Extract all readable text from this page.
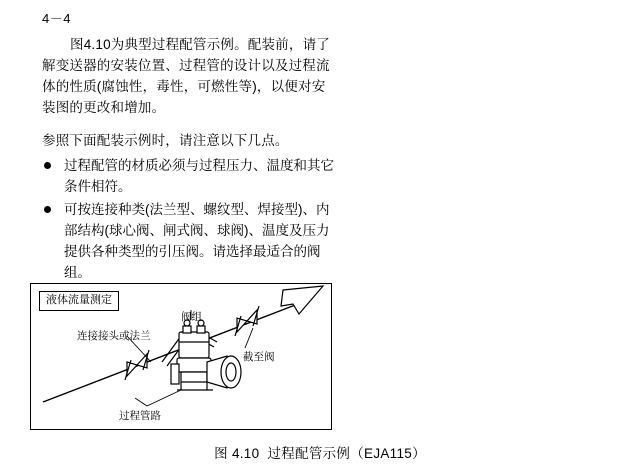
4－4
图4.10为典型过程配管示例。配装前，请了解变送器的安装位置、过程管的设计以及过程流体的性质(腐蚀性，毒性，可燃性等)，以便对安装图的更改和增加。
参照下面配装示例时，请注意以下几点。
过程配管的材质必须与过程压力、温度和其它条件相符。
可按连接种类(法兰型、螺纹型、焊接型)、内部结构(球心阀、闸式阀、球阀)、温度及压力提供各种类型的引压阀。请选择最适合的阀组。
液体流量测定
阀组
连接接头或法兰
截至阀
过程管路
图 4.10 过程配管示例（EJA115）
